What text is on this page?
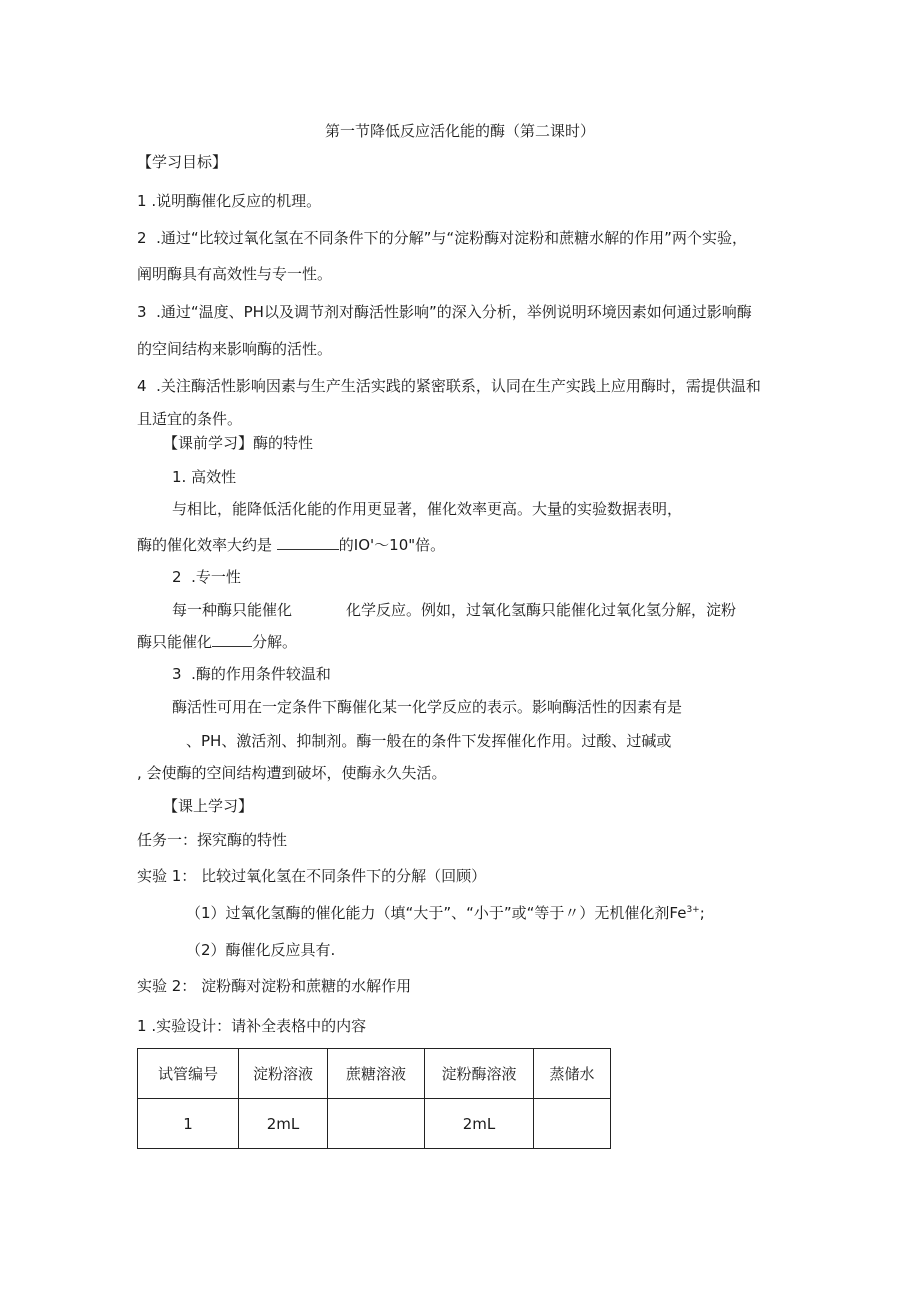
第一节降低反应活化能的酶（第二课时）
【学习目标】
1 .说明酶催化反应的机理。
2 .通过“比较过氧化氢在不同条件下的分解”与“淀粉酶对淀粉和蔗糖水解的作用”两个实验，
阐明酶具有高效性与专一性。
3 .通过“温度、PH以及调节剂对酶活性影响”的深入分析，举例说明环境因素如何通过影响酶
的空间结构来影响酶的活性。
4 .关注酶活性影响因素与生产生活实践的紧密联系，认同在生产实践上应用酶时，需提供温和
且适宜的条件。
【课前学习】酶的特性
1. 高效性
与相比，能降低活化能的作用更显著，催化效率更高。大量的实验数据表明，
酶的催化效率大约是	的IO'～10"倍。
2 .专一性
每一种酶只能催化	化学反应。例如，过氧化氢酶只能催化过氧化氢分解，淀粉
酶只能催化	分解。
3 .酶的作用条件较温和
酶活性可用在一定条件下酶催化某一化学反应的表示。影响酶活性的因素有是
、PH、激活剂、抑制剂。酶一般在的条件下发挥催化作用。过酸、过碱或
, 会使酶的空间结构遭到破坏，使酶永久失活。
【课上学习】
任务一：探究酶的特性
实验 1： 比较过氧化氢在不同条件下的分解（回顾）
（1）过氧化氢酶的催化能力（填“大于”、“小于”或“等于〃）无机催化剂$Fe^{3+}$;
（2）酶催化反应具有.
实验 2： 淀粉酶对淀粉和蔗糖的水解作用
1 .实验设计：请补全表格中的内容
试管编号	淀粉溶液	蔗糖溶液	淀粉酶溶液	蒸储水
1	2mL		2mL	
